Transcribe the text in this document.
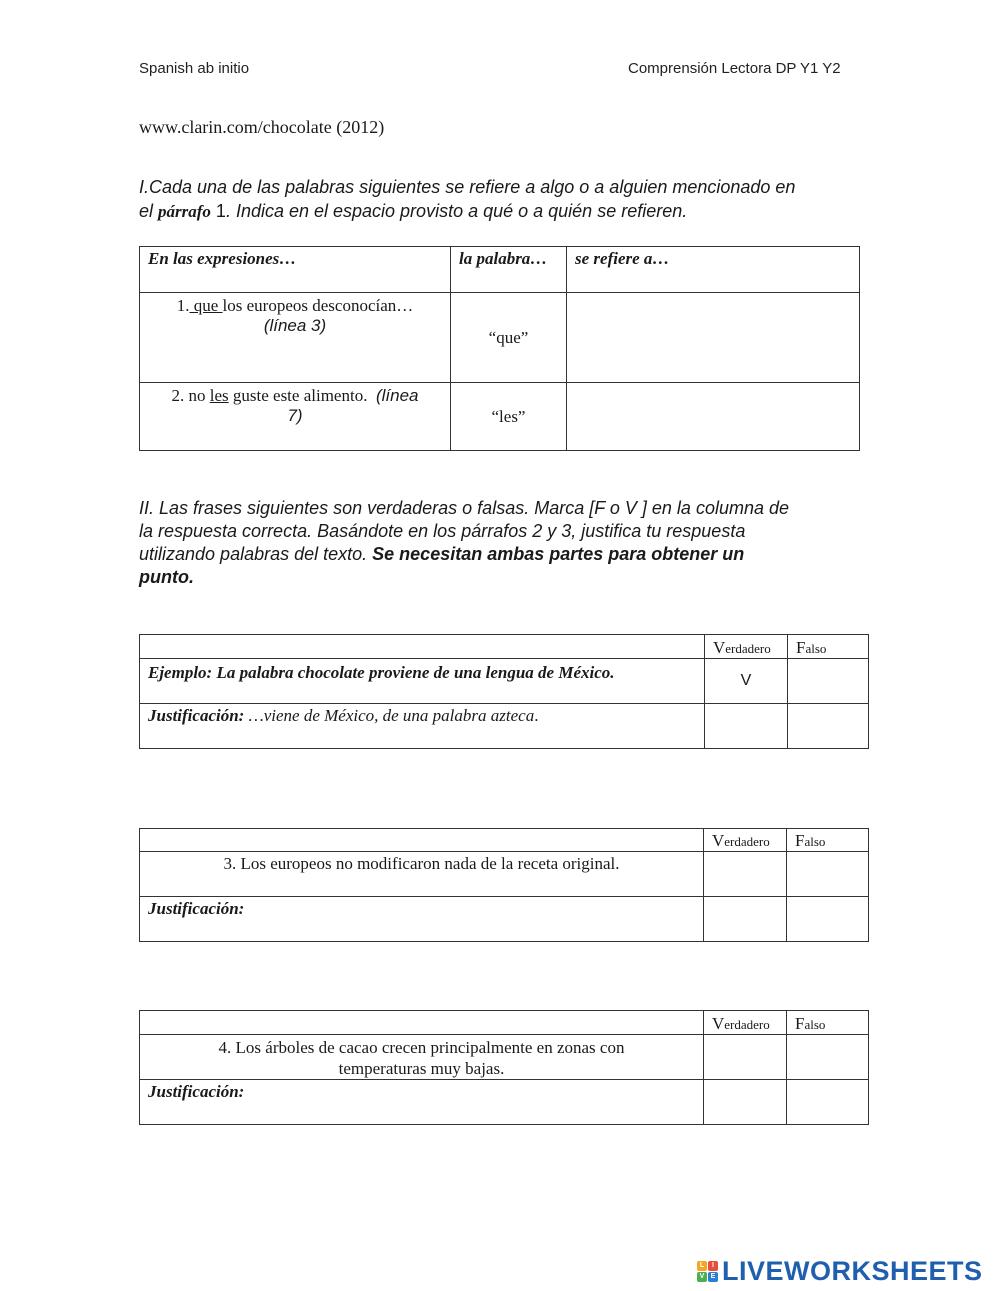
Spanish ab initio	Comprensión Lectora DP Y1 Y2
www.clarin.com/chocolate (2012)
I.Cada una de las palabras siguientes se refiere a algo o a alguien mencionado en
el párrafo 1. Indica en el espacio provisto a qué o a quién se refieren.
En las expresiones…	la palabra…	se refiere a…
1. que los europeos desconocían…
(línea 3)	“que”	
2. no les guste este alimento. (línea
7)	“les”	
II. Las frases siguientes son verdaderas o falsas. Marca [F o V ] en la columna de
la respuesta correcta. Basándote en los párrafos 2 y 3, justifica tu respuesta
utilizando palabras del texto. Se necesitan ambas partes para obtener un
punto.
	Verdadero	Falso
Ejemplo: La palabra chocolate proviene de una lengua de México.	V	
Justificación: …viene de México, de una palabra azteca.		
	Verdadero	Falso
3. Los europeos no modificaron nada de la receta original.		
Justificación:		
	Verdadero	Falso
4. Los árboles de cacao crecen principalmente en zonas con
temperaturas muy bajas.		
Justificación:		
L	I
V E LIVEWORKSHEETS
